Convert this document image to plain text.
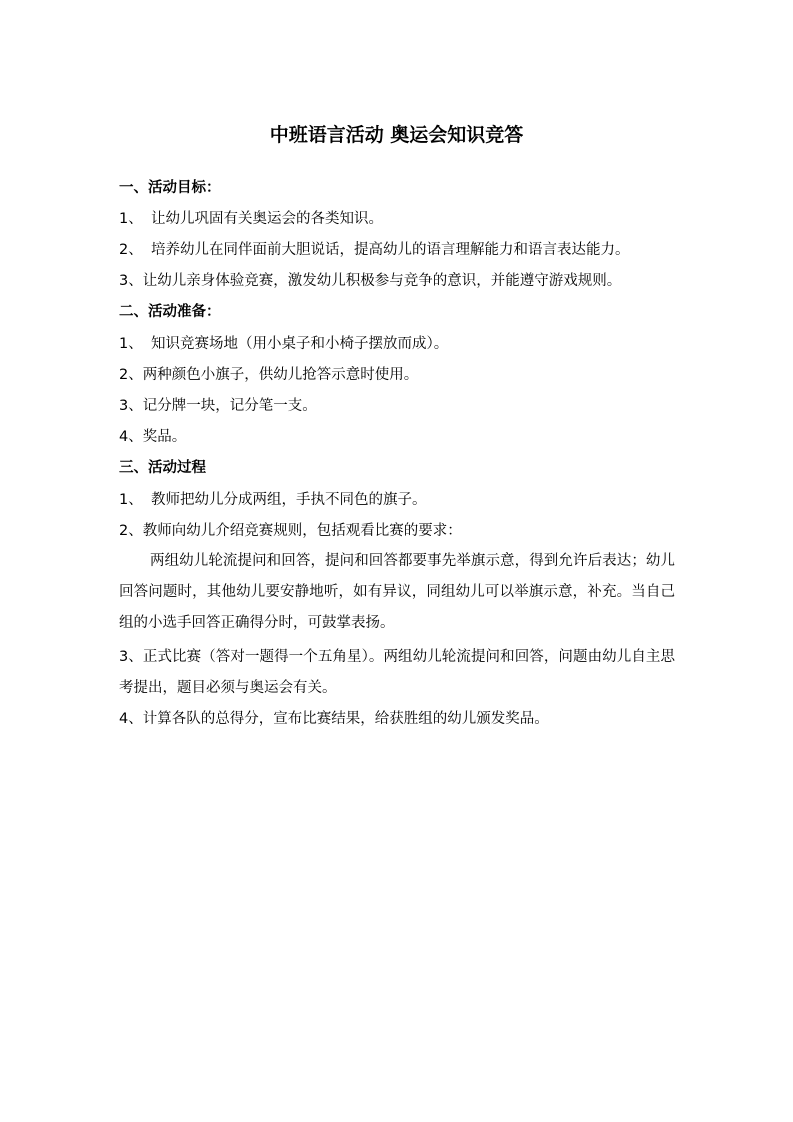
中班语言活动 奥运会知识竞答
一、活动目标：
1、 让幼儿巩固有关奥运会的各类知识。
2、 培养幼儿在同伴面前大胆说话，提高幼儿的语言理解能力和语言表达能力。
3、让幼儿亲身体验竞赛，激发幼儿积极参与竞争的意识，并能遵守游戏规则。
二、活动准备：
1、 知识竞赛场地（用小桌子和小椅子摆放而成）。
2、两种颜色小旗子，供幼儿抢答示意时使用。
3、记分牌一块，记分笔一支。
4、奖品。
三、活动过程
1、 教师把幼儿分成两组，手执不同色的旗子。
2、教师向幼儿介绍竞赛规则，包括观看比赛的要求：
两组幼儿轮流提问和回答，提问和回答都要事先举旗示意，得到允许后表达；幼儿回答问题时，其他幼儿要安静地听，如有异议，同组幼儿可以举旗示意，补充。当自己组的小选手回答正确得分时，可鼓掌表扬。
3、正式比赛（答对一题得一个五角星）。两组幼儿轮流提问和回答，问题由幼儿自主思考提出，题目必须与奥运会有关。
4、计算各队的总得分，宣布比赛结果，给获胜组的幼儿颁发奖品。
